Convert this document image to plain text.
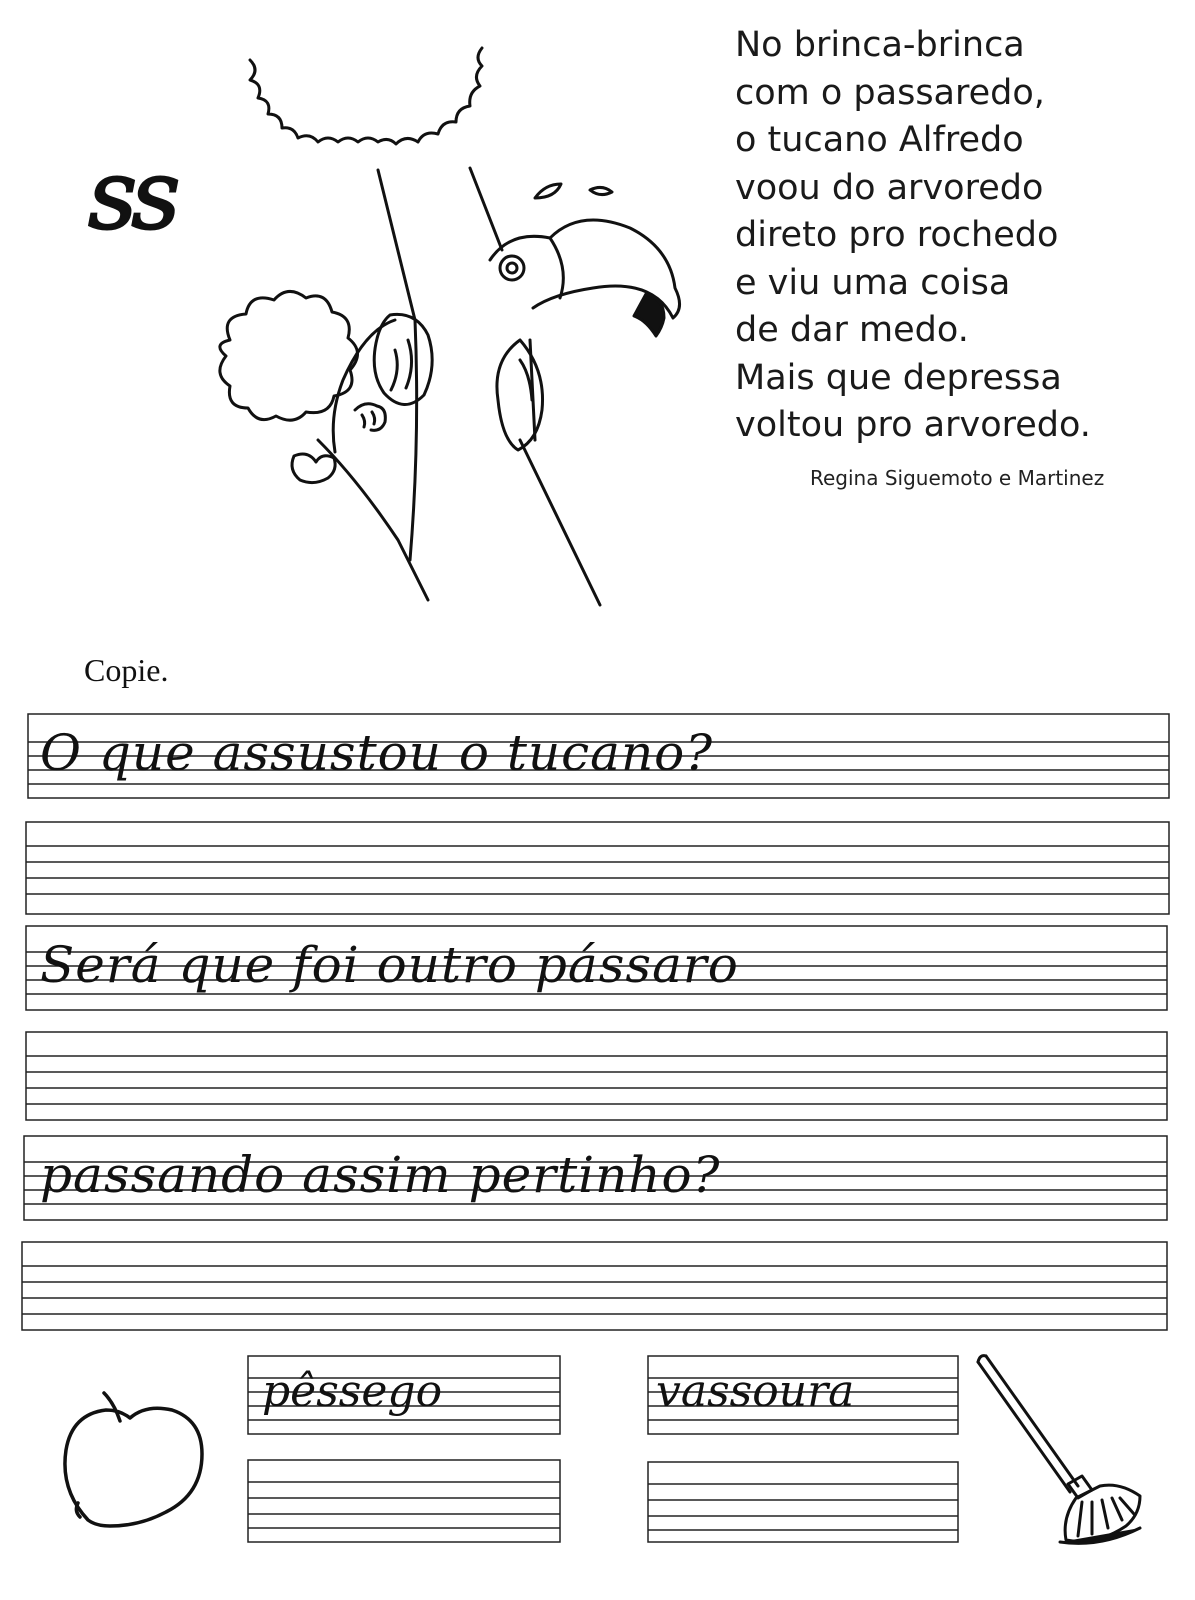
ss
No brinca-brinca
com o passaredo,
o tucano Alfredo
voou do arvoredo
direto pro rochedo
e viu uma coisa
de dar medo.
Mais que depressa
voltou pro arvoredo.
Regina Siguemoto e Martinez
Copie.
O que assustou o tucano?
Será que foi outro pássaro
passando assim pertinho?
pêssego	vassoura
